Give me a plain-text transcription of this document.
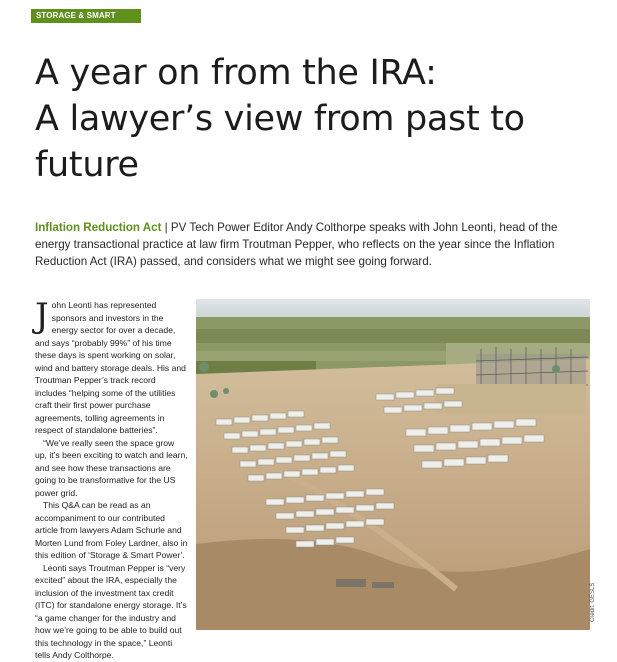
STORAGE & SMART POWER
A year on from the IRA:
A lawyer’s view from past to
future

Inflation Reduction Act | PV Tech Power Editor Andy Colthorpe speaks with John Leonti, head of the energy transactional practice at law firm Troutman Pepper, who reflects on the year since the Inflation Reduction Act (IRA) passed, and considers what we might see going forward.

John Leonti has represented sponsors and investors in the energy sector for over a decade, and says “probably 99%” of his time these days is spent working on solar, wind and battery storage deals. His and Troutman Pepper’s track record includes “helping some of the utilities craft their first power purchase agreements, tolling agreements in respect of standalone batteries”.

“We’ve really seen the space grow up, it’s been exciting to watch and learn, and see how these transactions are going to be transformative for the US power grid.

This Q&A can be read as an accompaniment to our contributed article from lawyers Adam Schurle and Morten Lund from Foley Lardner, also in this edition of ‘Storage & Smart Power’.

Leonti says Troutman Pepper is “very excited” about the IRA, especially the inclusion of the investment tax credit (ITC) for standalone energy storage. It’s “a game changer for the industry and how we’re going to be able to build out this technology in the space,” Leonti tells Andy Colthorpe.

Credit: GESLS
